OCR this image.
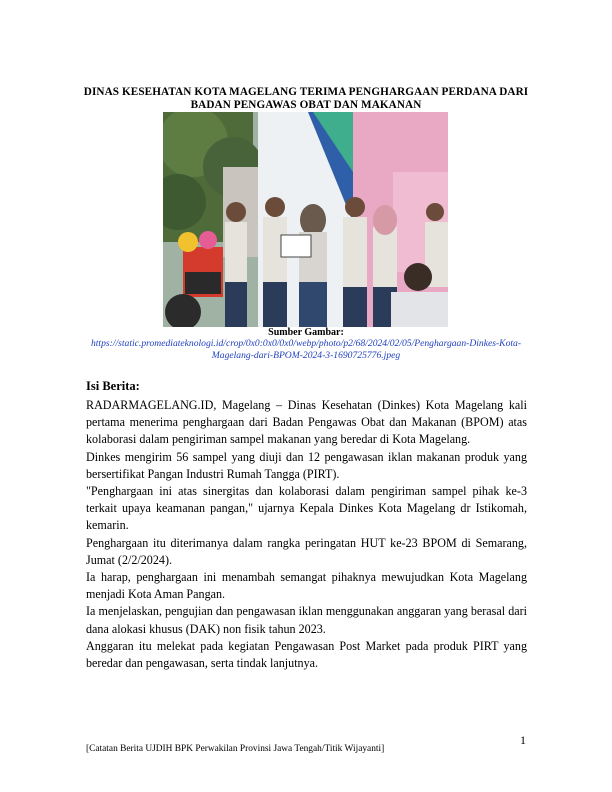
DINAS KESEHATAN KOTA MAGELANG TERIMA PENGHARGAAN PERDANA DARI BADAN PENGAWAS OBAT DAN MAKANAN
Sumber Gambar:
https://static.promediateknologi.id/crop/0x0:0x0/0x0/webp/photo/p2/68/2024/02/05/Penghargaan-Dinkes-Kota-Magelang-dari-BPOM-2024-3-1690725776.jpeg
Isi Berita:

RADARMAGELANG.ID, Magelang – Dinas Kesehatan (Dinkes) Kota Magelang kali pertama menerima penghargaan dari Badan Pengawas Obat dan Makanan (BPOM) atas kolaborasi dalam pengiriman sampel makanan yang beredar di Kota Magelang.

Dinkes mengirim 56 sampel yang diuji dan 12 pengawasan iklan makanan produk yang bersertifikat Pangan Industri Rumah Tangga (PIRT).

"Penghargaan ini atas sinergitas dan kolaborasi dalam pengiriman sampel pihak ke-3 terkait upaya keamanan pangan," ujarnya Kepala Dinkes Kota Magelang dr Istikomah, kemarin.

Penghargaan itu diterimanya dalam rangka peringatan HUT ke-23 BPOM di Semarang, Jumat (2/2/2024).

Ia harap, penghargaan ini menambah semangat pihaknya mewujudkan Kota Magelang menjadi Kota Aman Pangan.

Ia menjelaskan, pengujian dan pengawasan iklan menggunakan anggaran yang berasal dari dana alokasi khusus (DAK) non fisik tahun 2023.

Anggaran itu melekat pada kegiatan Pengawasan Post Market pada produk PIRT yang beredar dan pengawasan, serta tindak lanjutnya.

1
[Catatan Berita UJDIH BPK Perwakilan Provinsi Jawa Tengah/Titik Wijayanti]
